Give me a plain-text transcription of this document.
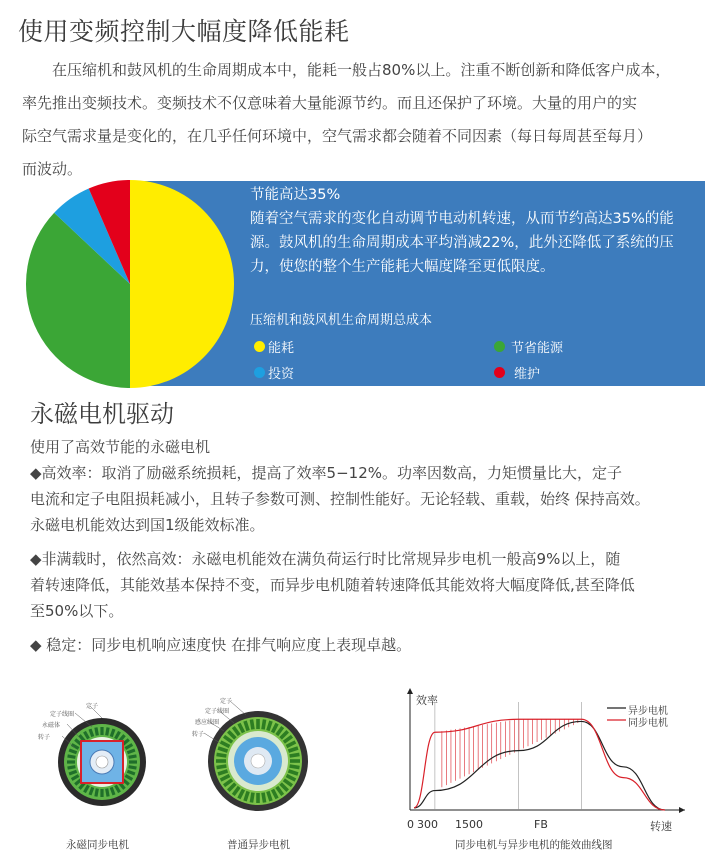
使用变频控制大幅度降低能耗

在压缩机和鼓风机的生命周期成本中，能耗一般占80%以上。注重不断创新和降低客户成本，

率先推出变频技术。变频技术不仅意味着大量能源节约。而且还保护了环境。大量的用户的实

际空气需求量是变化的，在几乎任何环境中，空气需求都会随着不同因素（每日每周甚至每月）

而波动。

节能高达35%
随着空气需求的变化自动调节电动机转速，从而节约高达35%的能源。鼓风机的生命周期成本平均消减22%，此外还降低了系统的压力，使您的整个生产能耗大幅度降至更低限度。
压缩机和鼓风机生命周期总成本
能耗	节省能源
投资	维护
永磁电机驱动

使用了高效节能的永磁电机

◆高效率：取消了励磁系统损耗，提高了效率5−12%。功率因数高，力矩惯量比大，定子

电流和定子电阻损耗减小，且转子参数可测、控制性能好。无论轻载、重载，始终 保持高效。

永磁电机能效达到国1级能效标准。

◆非满载时，依然高效：永磁电机能效在满负荷运行时比常规异步电机一般高9%以上，随

着转速降低，其能效基本保持不变，而异步电机随着转速降低其能效将大幅度降低,甚至降低

至50%以下。

◆ 稳定：同步电机响应速度快 在排气响应度上表现卓越。

定子
定子线圈
永磁体
转子
永磁同步电机
定子
定子线圈
感应线圈
转子
普通异步电机
效率
转速
0 300 1500	FB
异步电机
同步电机
同步电机与异步电机的能效曲线图
